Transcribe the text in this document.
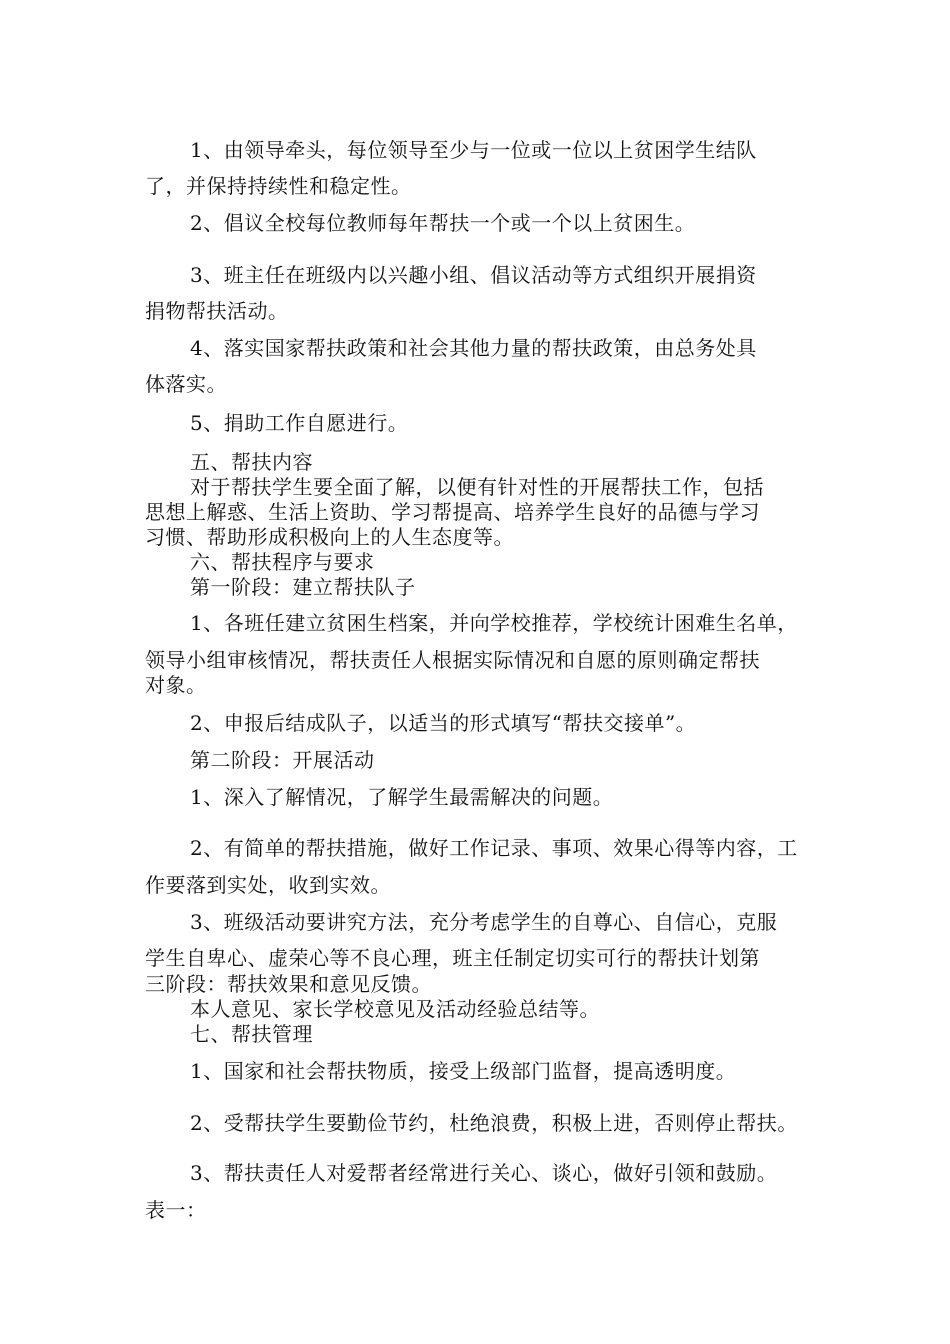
1、由领导牵头，每位领导至少与一位或一位以上贫困学生结队
了，并保持持续性和稳定性。
2、倡议全校每位教师每年帮扶一个或一个以上贫困生。
3、班主任在班级内以兴趣小组、倡议活动等方式组织开展捐资
捐物帮扶活动。
4、落实国家帮扶政策和社会其他力量的帮扶政策，由总务处具
体落实。
5、捐助工作自愿进行。
五、帮扶内容
对于帮扶学生要全面了解，以便有针对性的开展帮扶工作，包括
思想上解惑、生活上资助、学习帮提高、培养学生良好的品德与学习
习惯、帮助形成积极向上的人生态度等。
六、帮扶程序与要求
第一阶段：建立帮扶队子
1、各班任建立贫困生档案，并向学校推荐，学校统计困难生名单，
领导小组审核情况，帮扶责任人根据实际情况和自愿的原则确定帮扶
对象。
2、申报后结成队子，以适当的形式填写“帮扶交接单”。
第二阶段：开展活动
1、深入了解情况，了解学生最需解决的问题。
2、有简单的帮扶措施，做好工作记录、事项、效果心得等内容，工
作要落到实处，收到实效。
3、班级活动要讲究方法，充分考虑学生的自尊心、自信心，克服
学生自卑心、虚荣心等不良心理，班主任制定切实可行的帮扶计划第
三阶段：帮扶效果和意见反馈。
本人意见、家长学校意见及活动经验总结等。
七、帮扶管理
1、国家和社会帮扶物质，接受上级部门监督，提高透明度。
2、受帮扶学生要勤俭节约，杜绝浪费，积极上进，否则停止帮扶。
3、帮扶责任人对爱帮者经常进行关心、谈心，做好引领和鼓励。
表一：
